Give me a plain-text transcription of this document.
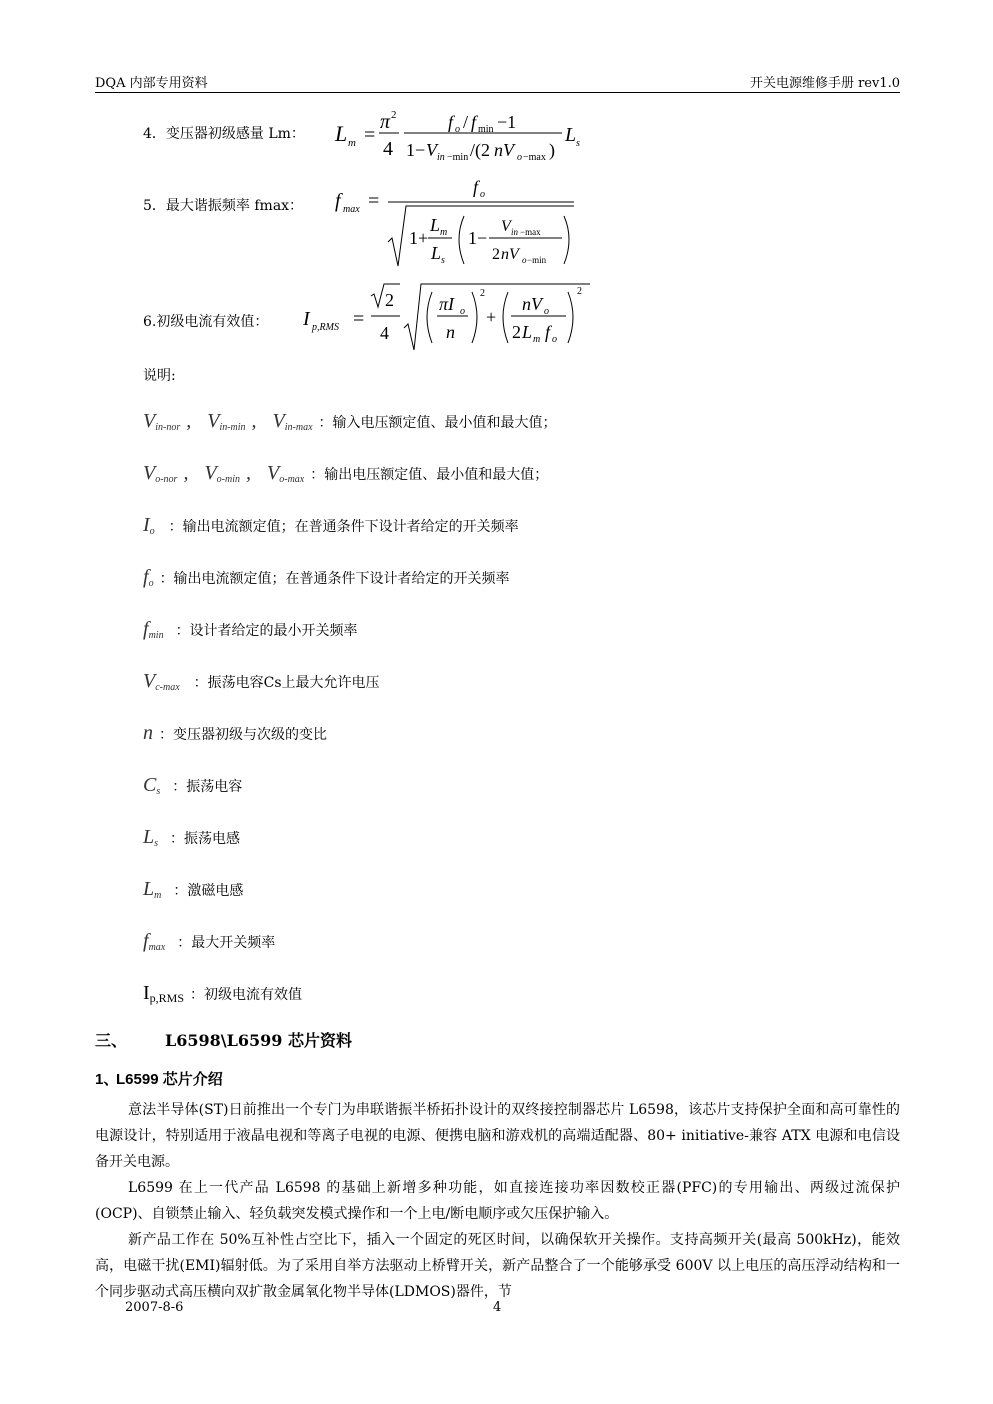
DQA 内部专用资料	开关电源维修手册 rev1.0
4．变压器初级感量 Lm： L m =
π 2
4
f o / f min −1
1− V in −min /(2 nV o −max )
L s
5．最大谐振频率 fmax： f max =
f o
1+
L m
L s
1−
V in −max
2 nV o −min
6.初级电流有效值： I p,RMS =
2
4
πI o
n
2
+
nV o
2 L m f o
2
说明:
$V_{in-nor}$ , $V_{in-min}$ , $V_{in-max}$ ：输入电压额定值、最小值和最大值；
$V_{o-nor}$ , $V_{o-min}$ , $V_{o-max}$ ：输出电压额定值、最小值和最大值；
$I_o$ ：输出电流额定值；在普通条件下设计者给定的开关频率
$f_o$ ：输出电流额定值；在普通条件下设计者给定的开关频率
$f_{min}$ ：设计者给定的最小开关频率
$V_{c-max}$ ：振荡电容Cs上最大允许电压
n ：变压器初级与次级的变比
$C_s$ ：振荡电容
$L_s$ ：振荡电感
$L_m$ ：激磁电感
$f_{max}$ ：最大开关频率
$I_{p,RMS}$ ：初级电流有效值
三、 L6598\L6599 芯片资料
1、
L6599 芯片介绍

意法半导体(ST)日前推出一个专门为串联谐振半桥拓扑设计的双终接控制器芯片 L6598，该芯片支持保护全面和高可靠性的电源设计，特别适用于液晶电视和等离子电视的电源、便携电脑和游戏机的高端适配器、80+ initiative-兼容 ATX 电源和电信设备开关电源。

L6599 在上一代产品 L6598 的基础上新增多种功能，如直接连接功率因数校正器(PFC)的专用输出、两级过流保护(OCP)、自锁禁止输入、轻负载突发模式操作和一个上电/断电顺序或欠压保护输入。

新产品工作在 50%互补性占空比下，插入一个固定的死区时间，以确保软开关操作。支持高频开关(最高 500kHz)，能效高，电磁干扰(EMI)辐射低。为了采用自举方法驱动上桥臂开关，新产品整合了一个能够承受 600V 以上电压的高压浮动结构和一个同步驱动式高压横向双扩散金属氧化物半导体(LDMOS)器件，节

2007-8-6	4
